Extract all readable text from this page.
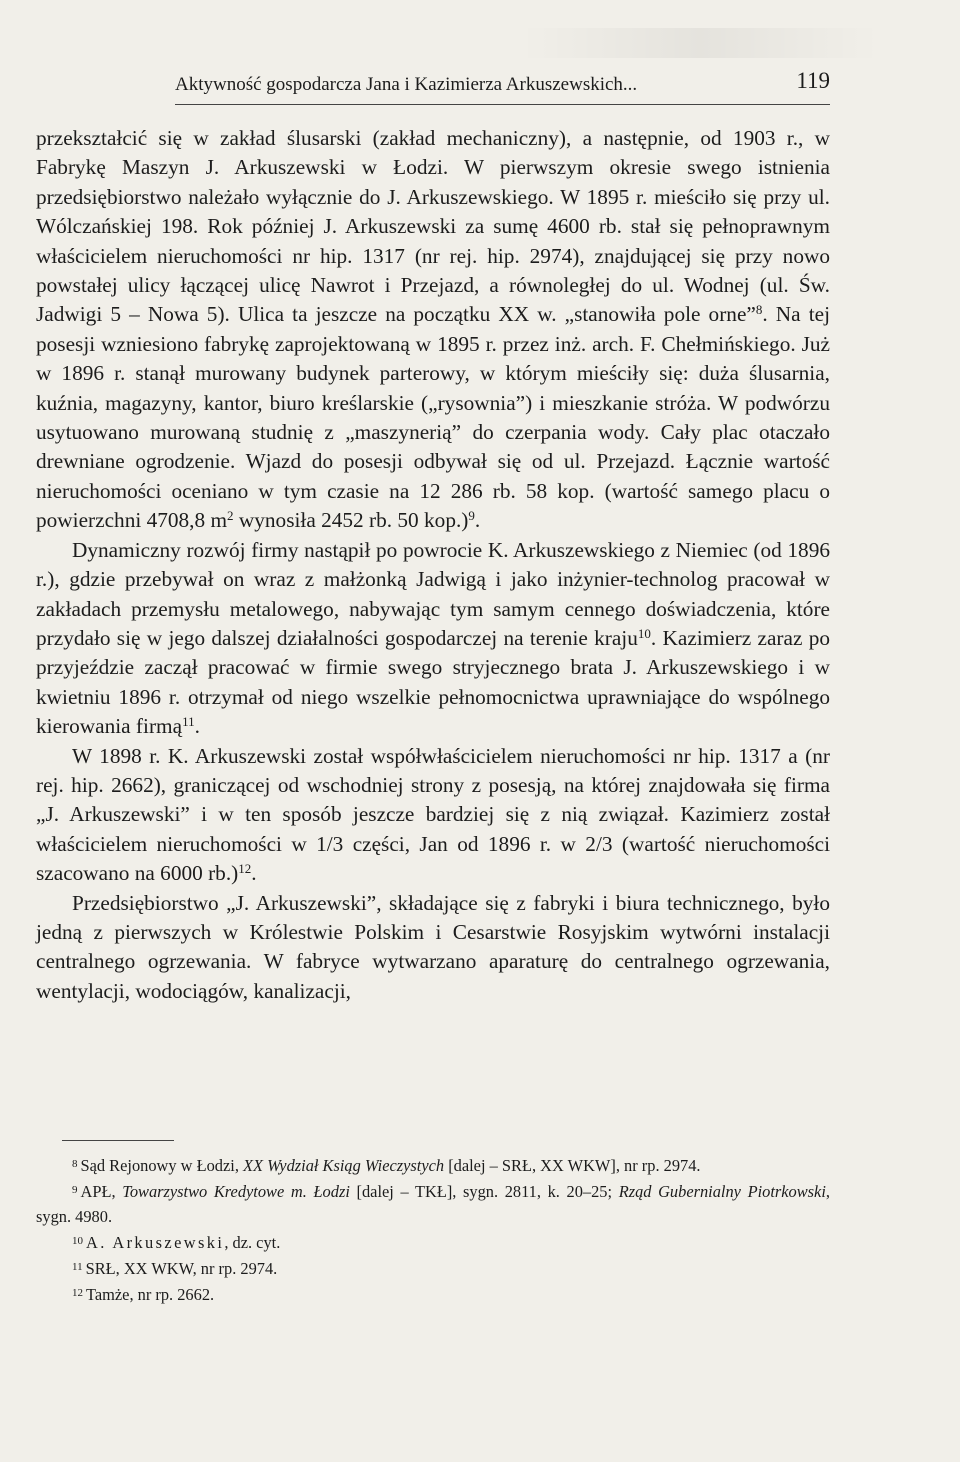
Aktywność gospodarcza Jana i Kazimierza Arkuszewskich...	119

przekształcić się w zakład ślusarski (zakład mechaniczny), a następnie, od 1903 r., w Fabrykę Maszyn J. Arkuszewski w Łodzi. W pierwszym okresie swego istnienia przedsiębiorstwo należało wyłącznie do J. Arkuszewskiego. W 1895 r. mieściło się przy ul. Wólczańskiej 198. Rok później J. Arkuszewski za sumę 4600 rb. stał się pełnoprawnym właścicielem nieruchomości nr hip. 1317 (nr rej. hip. 2974), znajdującej się przy nowo powstałej ulicy łączącej ulicę Nawrot i Przejazd, a równoległej do ul. Wodnej (ul. Św. Jadwigi 5 – Nowa 5). Ulica ta jeszcze na początku XX w. „stanowiła pole orne”$^8$. Na tej posesji wzniesiono fabrykę zaprojektowaną w 1895 r. przez inż. arch. F. Chełmińskiego. Już w 1896 r. stanął murowany budynek parterowy, w którym mieściły się: duża ślusarnia, kuźnia, magazyny, kantor, biuro kreślarskie („rysownia”) i mieszkanie stróża. W podwórzu usytuowano murowaną studnię z „maszynerią” do czerpania wody. Cały plac otaczało drewniane ogrodzenie. Wjazd do posesji odbywał się od ul. Przejazd. Łącznie wartość nieruchomości oceniano w tym czasie na 12 286 rb. 58 kop. (wartość samego placu o powierzchni 4708,8 $m^2$ wynosiła 2452 rb. 50 kop.)$^9$.

Dynamiczny rozwój firmy nastąpił po powrocie K. Arkuszewskiego z Niemiec (od 1896 r.), gdzie przebywał on wraz z małżonką Jadwigą i jako inżynier-technolog pracował w zakładach przemysłu metalowego, nabywając tym samym cennego doświadczenia, które przydało się w jego dalszej działalności gospodarczej na terenie kraju$^{10}$. Kazimierz zaraz po przyjeździe zaczął pracować w firmie swego stryjecznego brata J. Arkuszewskiego i w kwietniu 1896 r. otrzymał od niego wszelkie pełnomocnictwa uprawniające do wspólnego kierowania firmą$^{11}$.

W 1898 r. K. Arkuszewski został współwłaścicielem nieruchomości nr hip. 1317 a (nr rej. hip. 2662), graniczącej od wschodniej strony z posesją, na której znajdowała się firma „J. Arkuszewski” i w ten sposób jeszcze bardziej się z nią związał. Kazimierz został właścicielem nieruchomości w 1/3 części, Jan od 1896 r. w 2/3 (wartość nieruchomości szacowano na 6000 rb.)$^{12}$.

Przedsiębiorstwo „J. Arkuszewski”, składające się z fabryki i biura technicznego, było jedną z pierwszych w Królestwie Polskim i Cesarstwie Rosyjskim wytwórni instalacji centralnego ogrzewania. W fabryce wytwarzano aparaturę do centralnego ogrzewania, wentylacji, wodociągów, kanalizacji,

$^8$ Sąd Rejonowy w Łodzi, XX Wydział Ksiąg Wieczystych [dalej – SRŁ, XX WKW], nr rp. 2974.

$^9$ APŁ, Towarzystwo Kredytowe m. Łodzi [dalej – TKŁ], sygn. 2811, k. 20–25; Rząd Gubernialny Piotrkowski, sygn. 4980.

$^{10}$ A. Arkuszewski, dz. cyt.

$^{11}$ SRŁ, XX WKW, nr rp. 2974.

$^{12}$ Tamże, nr rp. 2662.
